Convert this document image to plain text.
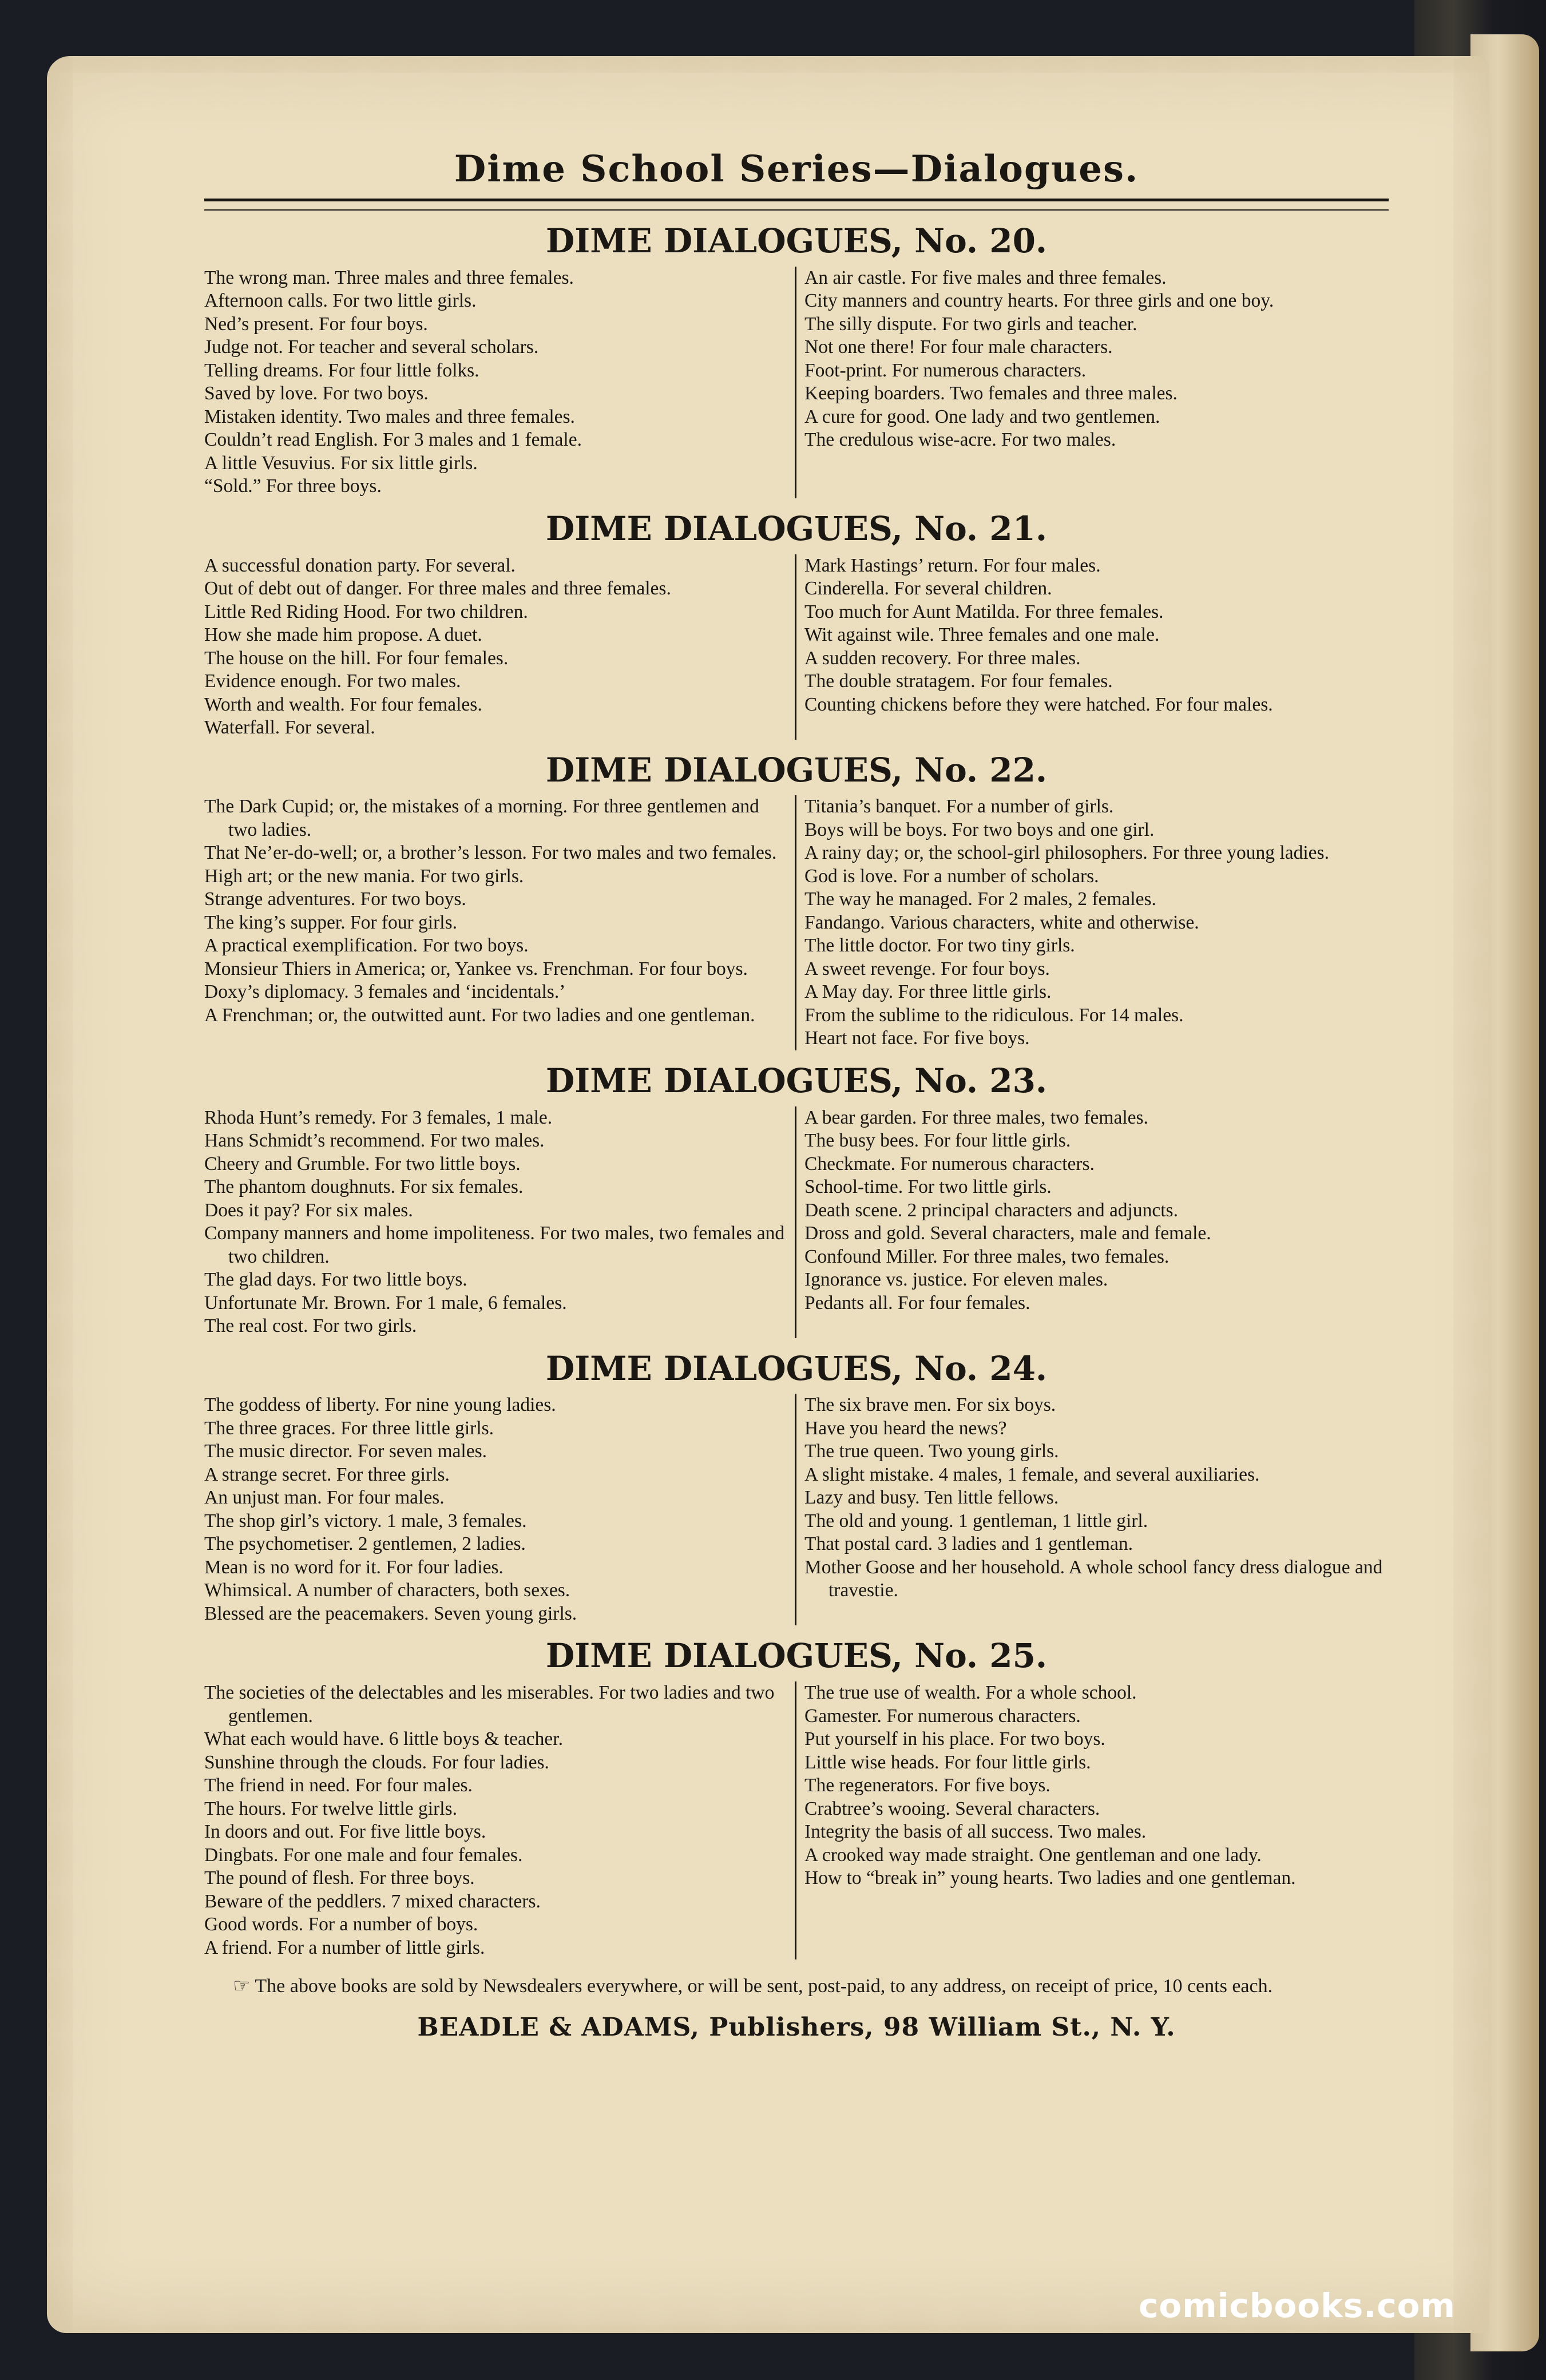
Dime School Series—Dialogues.
DIME DIALOGUES, No. 20.
The wrong man. Three males and three females.
Afternoon calls. For two little girls.
Ned’s present. For four boys.
Judge not. For teacher and several scholars.
Telling dreams. For four little folks.
Saved by love. For two boys.
Mistaken identity. Two males and three females.
Couldn’t read English. For 3 males and 1 female.
A little Vesuvius. For six little girls.
“Sold.” For three boys.
An air castle. For five males and three females.
City manners and country hearts. For three girls and one boy.
The silly dispute. For two girls and teacher.
Not one there! For four male characters.
Foot-print. For numerous characters.
Keeping boarders. Two females and three males.
A cure for good. One lady and two gentlemen.
The credulous wise-acre. For two males.
DIME DIALOGUES, No. 21.
A successful donation party. For several.
Out of debt out of danger. For three males and three females.
Little Red Riding Hood. For two children.
How she made him propose. A duet.
The house on the hill. For four females.
Evidence enough. For two males.
Worth and wealth. For four females.
Waterfall. For several.
Mark Hastings’ return. For four males.
Cinderella. For several children.
Too much for Aunt Matilda. For three females.
Wit against wile. Three females and one male.
A sudden recovery. For three males.
The double stratagem. For four females.
Counting chickens before they were hatched. For four males.
DIME DIALOGUES, No. 22.
The Dark Cupid; or, the mistakes of a morning. For three gentlemen and two ladies.
That Ne’er-do-well; or, a brother’s lesson. For two males and two females.
High art; or the new mania. For two girls.
Strange adventures. For two boys.
The king’s supper. For four girls.
A practical exemplification. For two boys.
Monsieur Thiers in America; or, Yankee vs. Frenchman. For four boys.
Doxy’s diplomacy. 3 females and ‘incidentals.’
A Frenchman; or, the outwitted aunt. For two ladies and one gentleman.
Titania’s banquet. For a number of girls.
Boys will be boys. For two boys and one girl.
A rainy day; or, the school-girl philosophers. For three young ladies.
God is love. For a number of scholars.
The way he managed. For 2 males, 2 females.
Fandango. Various characters, white and otherwise.
The little doctor. For two tiny girls.
A sweet revenge. For four boys.
A May day. For three little girls.
From the sublime to the ridiculous. For 14 males.
Heart not face. For five boys.
DIME DIALOGUES, No. 23.
Rhoda Hunt’s remedy. For 3 females, 1 male.
Hans Schmidt’s recommend. For two males.
Cheery and Grumble. For two little boys.
The phantom doughnuts. For six females.
Does it pay? For six males.
Company manners and home impoliteness. For two males, two females and two children.
The glad days. For two little boys.
Unfortunate Mr. Brown. For 1 male, 6 females.
The real cost. For two girls.
A bear garden. For three males, two females.
The busy bees. For four little girls.
Checkmate. For numerous characters.
School-time. For two little girls.
Death scene. 2 principal characters and adjuncts.
Dross and gold. Several characters, male and female.
Confound Miller. For three males, two females.
Ignorance vs. justice. For eleven males.
Pedants all. For four females.
DIME DIALOGUES, No. 24.
The goddess of liberty. For nine young ladies.
The three graces. For three little girls.
The music director. For seven males.
A strange secret. For three girls.
An unjust man. For four males.
The shop girl’s victory. 1 male, 3 females.
The psychometiser. 2 gentlemen, 2 ladies.
Mean is no word for it. For four ladies.
Whimsical. A number of characters, both sexes.
Blessed are the peacemakers. Seven young girls.
The six brave men. For six boys.
Have you heard the news?
The true queen. Two young girls.
A slight mistake. 4 males, 1 female, and several auxiliaries.
Lazy and busy. Ten little fellows.
The old and young. 1 gentleman, 1 little girl.
That postal card. 3 ladies and 1 gentleman.
Mother Goose and her household. A whole school fancy dress dialogue and travestie.
DIME DIALOGUES, No. 25.
The societies of the delectables and les miserables. For two ladies and two gentlemen.
What each would have. 6 little boys & teacher.
Sunshine through the clouds. For four ladies.
The friend in need. For four males.
The hours. For twelve little girls.
In doors and out. For five little boys.
Dingbats. For one male and four females.
The pound of flesh. For three boys.
Beware of the peddlers. 7 mixed characters.
Good words. For a number of boys.
A friend. For a number of little girls.
The true use of wealth. For a whole school.
Gamester. For numerous characters.
Put yourself in his place. For two boys.
Little wise heads. For four little girls.
The regenerators. For five boys.
Crabtree’s wooing. Several characters.
Integrity the basis of all success. Two males.
A crooked way made straight. One gentleman and one lady.
How to “break in” young hearts. Two ladies and one gentleman.
☞ The above books are sold by Newsdealers everywhere, or will be sent, post-paid, to any address, on receipt of price, 10 cents each.
BEADLE & ADAMS, Publishers, 98 William St., N. Y.
comicbooks.com
